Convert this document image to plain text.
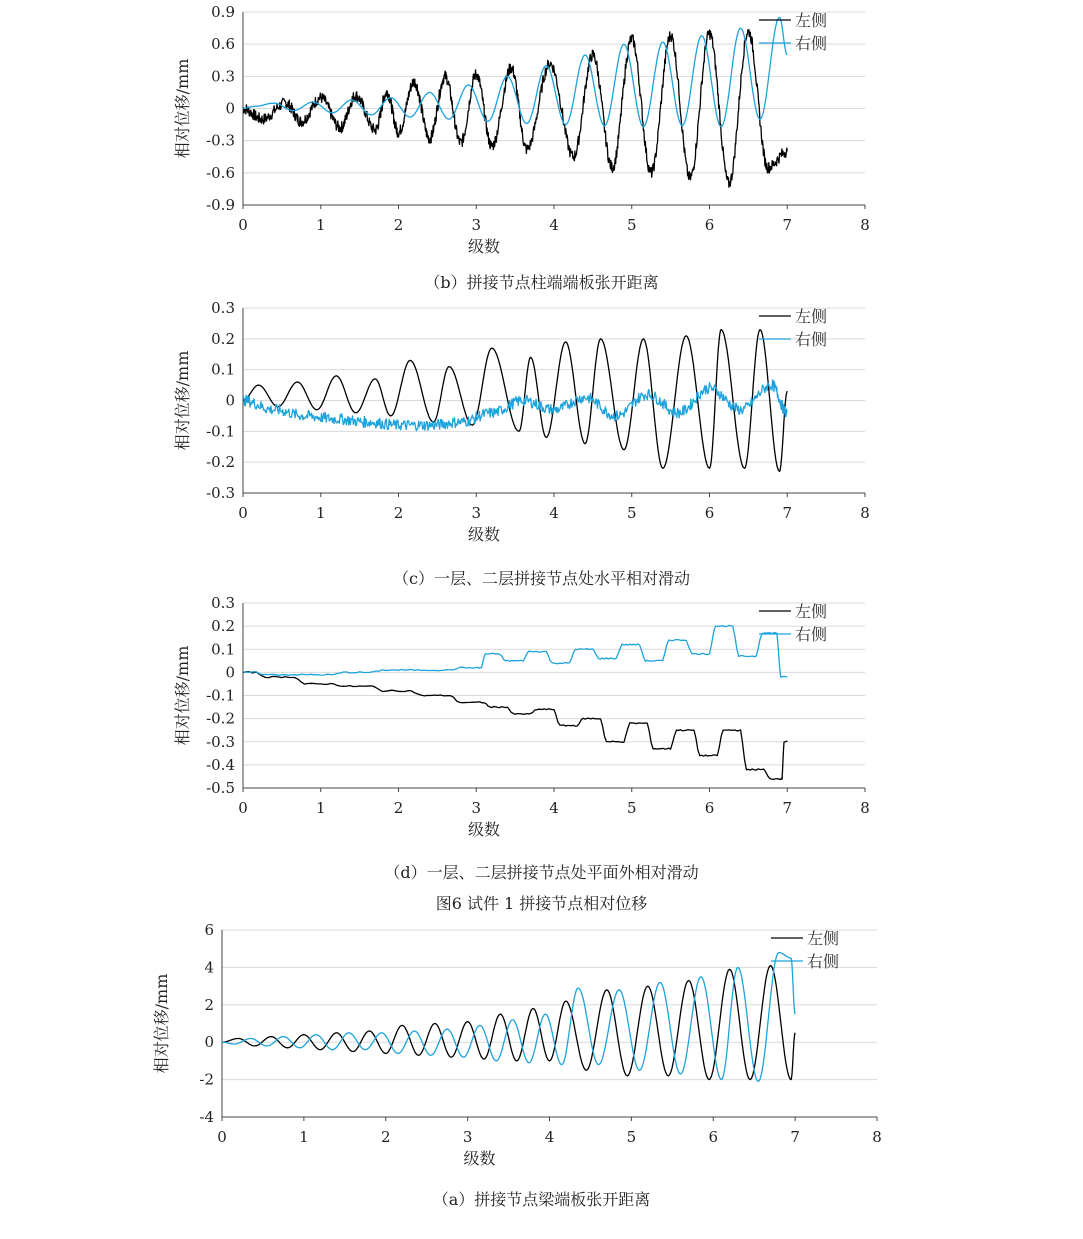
0.9
0.6
0.3
0
-0.3
-0.6
-0.9
0	1	2	3	4	5	6	7	8
级数
相对位移/mm
左侧
右侧
0.3
0.2
0.1
0
-0.1
-0.2
-0.3
0	1	2	3	4	5	6	7	8
级数
相对位移/mm
左侧
右侧
0.3
0.2
0.1
0
-0.1
-0.2
-0.3
-0.4
-0.5
0	1	2	3	4	5	6	7	8
级数
相对位移/mm
左侧
右侧
6
4
2
0
-2
-4
0	1	2	3	4	5	6	7	8
级数
相对位移/mm
左侧
右侧
（b）拼接节点柱端端板张开距离
（c）一层、二层拼接节点处水平相对滑动
（d）一层、二层拼接节点处平面外相对滑动
图6 试件 1 拼接节点相对位移
（a）拼接节点梁端板张开距离
